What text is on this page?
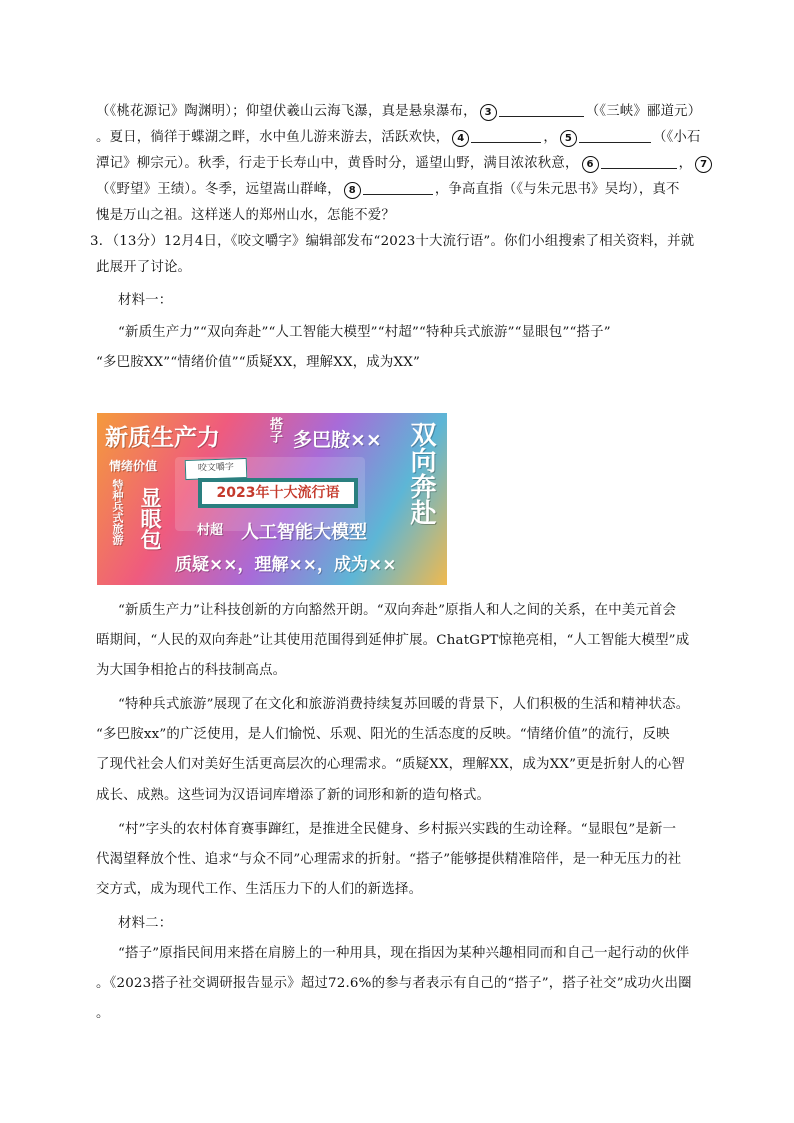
（《桃花源记》陶渊明）；仰望伏羲山云海飞瀑，真是悬泉瀑布， 3	（《三峡》郦道元）
。夏日，徜徉于蝶湖之畔，水中鱼儿游来游去，活跃欢快， 4	， 5	（《小石
潭记》柳宗元）。秋季，行走于长寿山中，黄昏时分，遥望山野，满目浓浓秋意， 6	， 7
（《野望》王绩）。冬季，远望嵩山群峰， 8	，争高直指（《与朱元思书》吴均），真不
愧是万山之祖。这样迷人的郑州山水，怎能不爱？
3．（13分）12月4日，《咬文嚼字》编辑部发布“2023十大流行语”。你们小组搜索了相关资料，并就
此展开了讨论。
材料一：
“新质生产力”“双向奔赴”“人工智能大模型”“村超”“特种兵式旅游”“显眼包”“搭子”
“多巴胺XX”“情绪价值”“质疑XX，理解XX，成为XX”
新质生产力	搭子 多巴胺×× 双向奔赴
情绪价值
显眼包
特种兵式旅游
咬文嚼字
2023年十大流行语
村超 人工智能大模型
质疑××，理解××，成为××
“新质生产力”让科技创新的方向豁然开朗。“双向奔赴”原指人和人之间的关系，在中美元首会
晤期间，“人民的双向奔赴”让其使用范围得到延伸扩展。ChatGPT惊艳亮相，“人工智能大模型”成
为大国争相抢占的科技制高点。
“特种兵式旅游”展现了在文化和旅游消费持续复苏回暖的背景下，人们积极的生活和精神状态。
“多巴胺xx”的广泛使用，是人们愉悦、乐观、阳光的生活态度的反映。“情绪价值”的流行，反映
了现代社会人们对美好生活更高层次的心理需求。“质疑XX，理解XX，成为XX”更是折射人的心智
成长、成熟。这些词为汉语词库增添了新的词形和新的造句格式。
“村”字头的农村体育赛事蹿红，是推进全民健身、乡村振兴实践的生动诠释。“显眼包”是新一
代渴望释放个性、追求“与众不同”心理需求的折射。“搭子”能够提供精准陪伴，是一种无压力的社
交方式，成为现代工作、生活压力下的人们的新选择。
材料二：
“搭子”原指民间用来搭在肩膀上的一种用具，现在指因为某种兴趣相同而和自己一起行动的伙伴
。《2023搭子社交调研报告显示》超过72.6%的参与者表示有自己的“搭子”，搭子社交”成功火出圈
。
